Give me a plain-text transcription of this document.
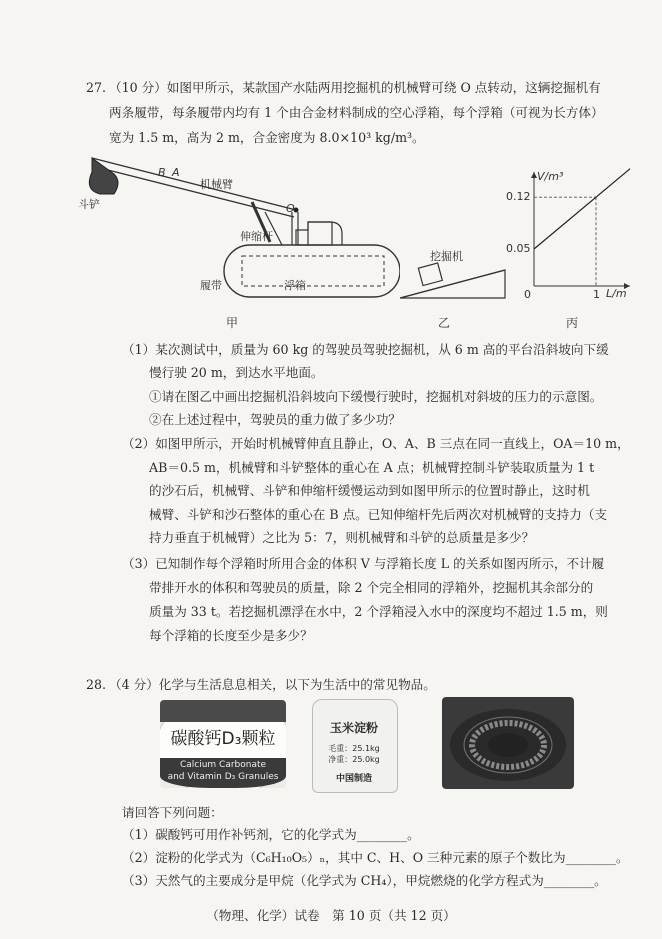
27. （10 分）如图甲所示，某款国产水陆两用挖掘机的机械臂可绕 O 点转动，这辆挖掘机有
两条履带，每条履带内均有 1 个由合金材料制成的空心浮箱，每个浮箱（可视为长方体）
宽为 1.5 m，高为 2 m，合金密度为 8.0×10³ kg/m³。
斗铲
B A
机械臂
O
伸缩杆
履带	浮箱
甲
挖掘机
乙
V/m³
L/m
0.05
0.12
0	1
丙
（1）某次测试中，质量为 60 kg 的驾驶员驾驶挖掘机，从 6 m 高的平台沿斜坡向下缓
慢行驶 20 m，到达水平地面。
①请在图乙中画出挖掘机沿斜坡向下缓慢行驶时，挖掘机对斜坡的压力的示意图。
②在上述过程中，驾驶员的重力做了多少功？
（2）如图甲所示，开始时机械臂伸直且静止，O、A、B 三点在同一直线上，OA＝10 m，
AB＝0.5 m，机械臂和斗铲整体的重心在 A 点；机械臂控制斗铲装取质量为 1 t
的沙石后，机械臂、斗铲和伸缩杆缓慢运动到如图甲所示的位置时静止，这时机
械臂、斗铲和沙石整体的重心在 B 点。已知伸缩杆先后两次对机械臂的支持力（支
持力垂直于机械臂）之比为 5：7，则机械臂和斗铲的总质量是多少？
（3）已知制作每个浮箱时所用合金的体积 V 与浮箱长度 L 的关系如图丙所示，不计履
带排开水的体积和驾驶员的质量，除 2 个完全相同的浮箱外，挖掘机其余部分的
质量为 33 t。若挖掘机漂浮在水中，2 个浮箱浸入水中的深度均不超过 1.5 m，则
每个浮箱的长度至少是多少？
28. （4 分）化学与生活息息相关，以下为生活中的常见物品。
碳酸钙D₃颗粒
Calcium Carbonate
and Vitamin D₃ Granules
玉米淀粉
毛重：25.1kg
净重：25.0kg
中国制造
请回答下列问题：
（1）碳酸钙可用作补钙剂，它的化学式为________。
（2）淀粉的化学式为（C₆H₁₀O₅）ₙ，其中 C、H、O 三种元素的原子个数比为________。
（3）天然气的主要成分是甲烷（化学式为 CH₄），甲烷燃烧的化学方程式为________。
（物理、化学）试卷　第 10 页（共 12 页）
